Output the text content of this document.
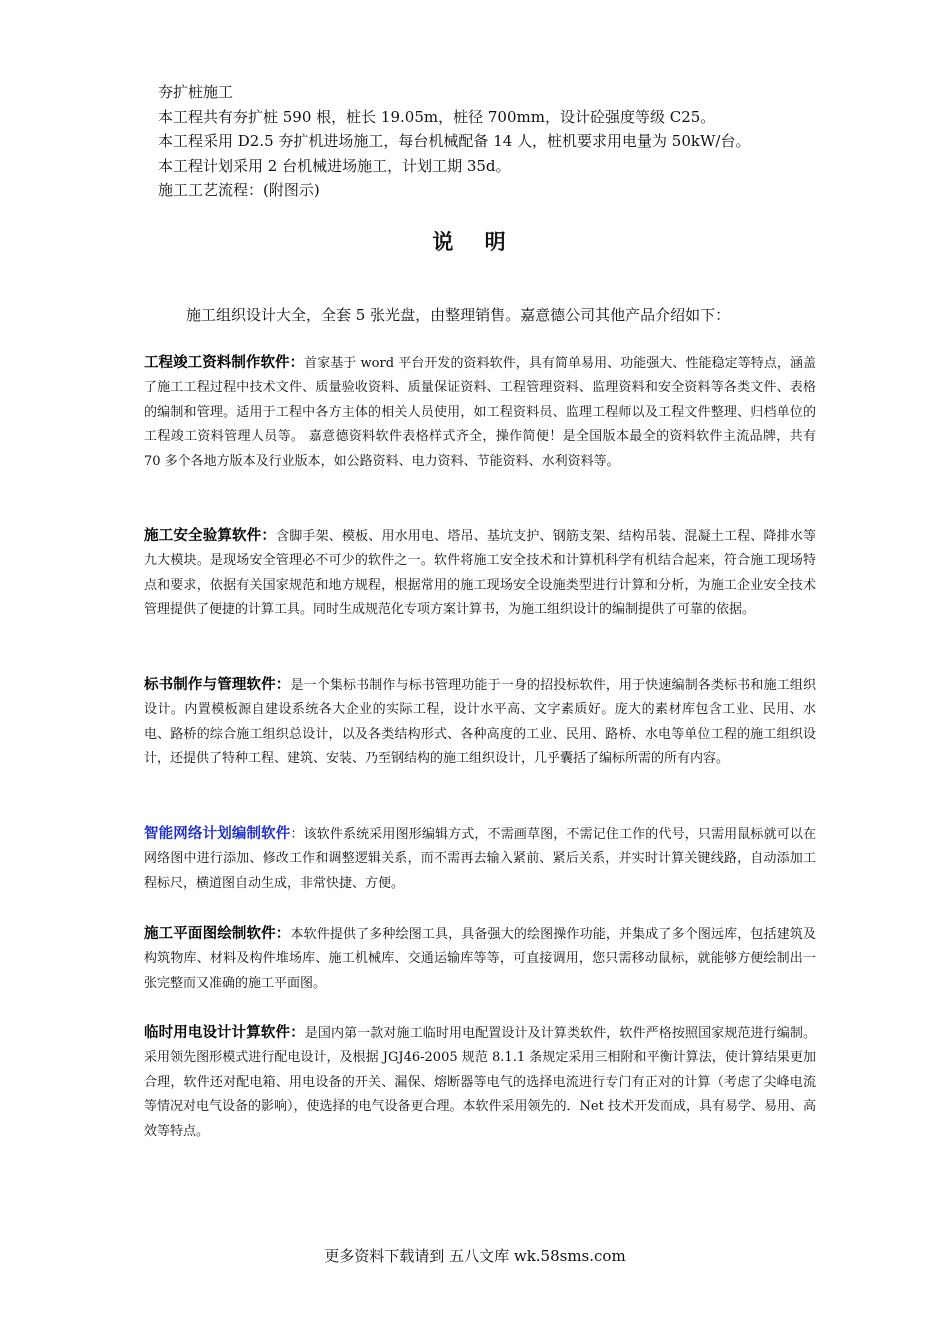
夯扩桩施工
本工程共有夯扩桩 590 根，桩长 19.05m，桩径 700mm，设计砼强度等级 C25。
本工程采用 D2.5 夯扩机进场施工，每台机械配备 14 人，桩机要求用电量为 50kW/台。
本工程计划采用 2 台机械进场施工，计划工期 35d。
施工工艺流程：(附图示)
说 明
施工组织设计大全，全套 5 张光盘，由整理销售。嘉意德公司其他产品介绍如下：
工程竣工资料制作软件：首家基于 word 平台开发的资料软件，具有简单易用、功能强大、性能稳定等特点，涵盖了施工工程过程中技术文件、质量验收资料、质量保证资料、工程管理资料、监理资料和安全资料等各类文件、表格的编制和管理。适用于工程中各方主体的相关人员使用，如工程资料员、监理工程师以及工程文件整理、归档单位的工程竣工资料管理人员等。 嘉意德资料软件表格样式齐全，操作简便！是全国版本最全的资料软件主流品牌，共有 70 多个各地方版本及行业版本，如公路资料、电力资料、节能资料、水利资料等。
施工安全验算软件：含脚手架、模板、用水用电、塔吊、基坑支护、钢筋支架、结构吊装、混凝土工程、降排水等九大模块。是现场安全管理必不可少的软件之一。软件将施工安全技术和计算机科学有机结合起来，符合施工现场特点和要求，依据有关国家规范和地方规程，根据常用的施工现场安全设施类型进行计算和分析，为施工企业安全技术管理提供了便捷的计算工具。同时生成规范化专项方案计算书，为施工组织设计的编制提供了可靠的依据。
标书制作与管理软件：是一个集标书制作与标书管理功能于一身的招投标软件，用于快速编制各类标书和施工组织设计。内置模板源自建设系统各大企业的实际工程，设计水平高、文字素质好。庞大的素材库包含工业、民用、水电、路桥的综合施工组织总设计，以及各类结构形式、各种高度的工业、民用、路桥、水电等单位工程的施工组织设计，还提供了特种工程、建筑、安装、乃至钢结构的施工组织设计，几乎囊括了编标所需的所有内容。
智能网络计划编制软件：该软件系统采用图形编辑方式，不需画草图，不需记住工作的代号，只需用鼠标就可以在网络图中进行添加、修改工作和调整逻辑关系，而不需再去输入紧前、紧后关系，并实时计算关键线路，自动添加工程标尺，横道图自动生成，非常快捷、方便。
施工平面图绘制软件：本软件提供了多种绘图工具，具备强大的绘图操作功能，并集成了多个图远库，包括建筑及构筑物库、材料及构件堆场库、施工机械库、交通运输库等等，可直接调用，您只需移动鼠标，就能够方便绘制出一张完整而又准确的施工平面图。
临时用电设计计算软件：是国内第一款对施工临时用电配置设计及计算类软件，软件严格按照国家规范进行编制。采用领先图形模式进行配电设计，及根据 JGJ46-2005 规范 8.1.1 条规定采用三相附和平衡计算法，使计算结果更加合理，软件还对配电箱、用电设备的开关、漏保、熔断器等电气的选择电流进行专门有正对的计算（考虑了尖峰电流等情况对电气设备的影响），使选择的电气设备更合理。本软件采用领先的．Net 技术开发而成，具有易学、易用、高效等特点。
更多资料下载请到 五八文库 wk.58sms.com
